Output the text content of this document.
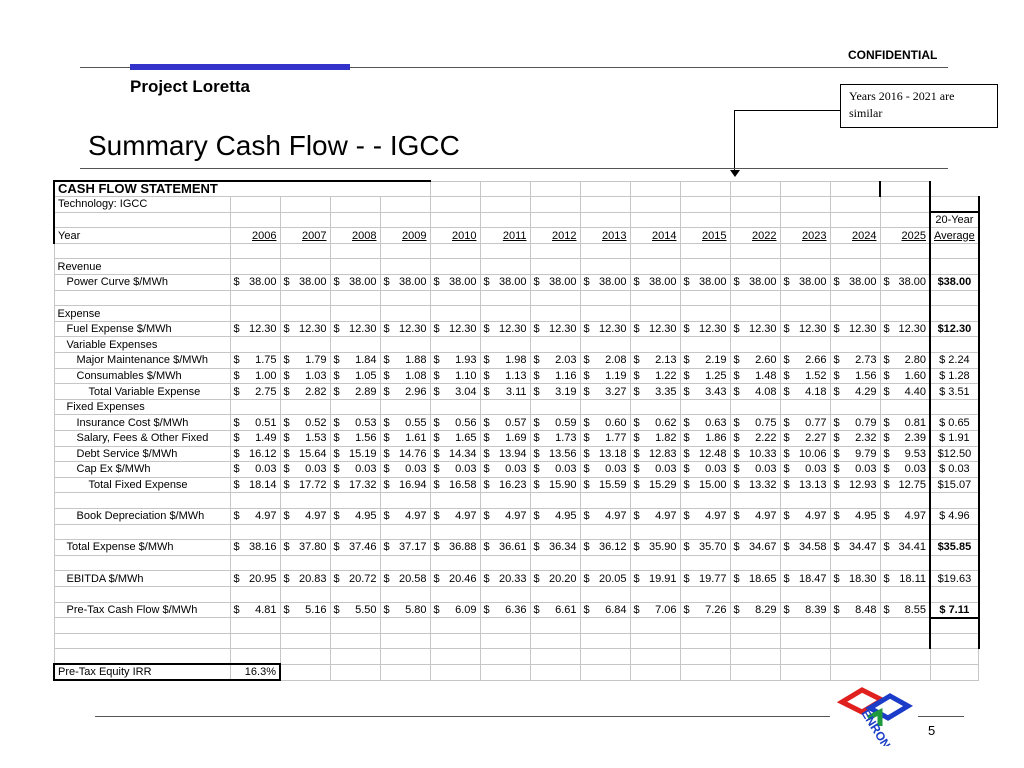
CONFIDENTIAL
Project Loretta	Years 2016 - 2021 are similar
Summary Cash Flow - - IGCC
CASH FLOW STATEMENT															
Technology: IGCC															
															20-Year
Year	2006	2007	2008	2009	2010	2011	2012	2013	2014	2015	2022	2023	2024	2025	Average

Revenue															
Power Curve $/MWh	$ 38.00	$ 38.00	$ 38.00	$ 38.00	$ 38.00	$ 38.00	$ 38.00	$ 38.00	$ 38.00	$ 38.00	$ 38.00	$ 38.00	$ 38.00	$ 38.00	$38.00

Expense															
Fuel Expense $/MWh	$ 12.30	$ 12.30	$ 12.30	$ 12.30	$ 12.30	$ 12.30	$ 12.30	$ 12.30	$ 12.30	$ 12.30	$ 12.30	$ 12.30	$ 12.30	$ 12.30	$12.30
Variable Expenses															
Major Maintenance $/MWh	$ 1.75	$ 1.79	$ 1.84	$ 1.88	$ 1.93	$ 1.98	$ 2.03	$ 2.08	$ 2.13	$ 2.19	$ 2.60	$ 2.66	$ 2.73	$ 2.80	$ 2.24
Consumables $/MWh	$ 1.00	$ 1.03	$ 1.05	$ 1.08	$ 1.10	$ 1.13	$ 1.16	$ 1.19	$ 1.22	$ 1.25	$ 1.48	$ 1.52	$ 1.56	$ 1.60	$ 1.28
Total Variable Expense	$ 2.75	$ 2.82	$ 2.89	$ 2.96	$ 3.04	$ 3.11	$ 3.19	$ 3.27	$ 3.35	$ 3.43	$ 4.08	$ 4.18	$ 4.29	$ 4.40	$ 3.51
Fixed Expenses															
Insurance Cost $/MWh	$ 0.51	$ 0.52	$ 0.53	$ 0.55	$ 0.56	$ 0.57	$ 0.59	$ 0.60	$ 0.62	$ 0.63	$ 0.75	$ 0.77	$ 0.79	$ 0.81	$ 0.65
Salary, Fees & Other Fixed	$ 1.49	$ 1.53	$ 1.56	$ 1.61	$ 1.65	$ 1.69	$ 1.73	$ 1.77	$ 1.82	$ 1.86	$ 2.22	$ 2.27	$ 2.32	$ 2.39	$ 1.91
Debt Service $/MWh	$ 16.12	$ 15.64	$ 15.19	$ 14.76	$ 14.34	$ 13.94	$ 13.56	$ 13.18	$ 12.83	$ 12.48	$ 10.33	$ 10.06	$ 9.79	$ 9.53	$12.50
Cap Ex $/MWh	$ 0.03	$ 0.03	$ 0.03	$ 0.03	$ 0.03	$ 0.03	$ 0.03	$ 0.03	$ 0.03	$ 0.03	$ 0.03	$ 0.03	$ 0.03	$ 0.03	$ 0.03
Total Fixed Expense	$ 18.14	$ 17.72	$ 17.32	$ 16.94	$ 16.58	$ 16.23	$ 15.90	$ 15.59	$ 15.29	$ 15.00	$ 13.32	$ 13.13	$ 12.93	$ 12.75	$15.07

Book Depreciation $/MWh	$ 4.97	$ 4.97	$ 4.95	$ 4.97	$ 4.97	$ 4.97	$ 4.95	$ 4.97	$ 4.97	$ 4.97	$ 4.97	$ 4.97	$ 4.95	$ 4.97	$ 4.96

Total Expense $/MWh	$ 38.16	$ 37.80	$ 37.46	$ 37.17	$ 36.88	$ 36.61	$ 36.34	$ 36.12	$ 35.90	$ 35.70	$ 34.67	$ 34.58	$ 34.47	$ 34.41	$35.85

EBITDA $/MWh	$ 20.95	$ 20.83	$ 20.72	$ 20.58	$ 20.46	$ 20.33	$ 20.20	$ 20.05	$ 19.91	$ 19.77	$ 18.65	$ 18.47	$ 18.30	$ 18.11	$19.63

Pre-Tax Cash Flow $/MWh	$ 4.81	$ 5.16	$ 5.50	$ 5.80	$ 6.09	$ 6.36	$ 6.61	$ 6.84	$ 7.06	$ 7.26	$ 8.29	$ 8.39	$ 8.48	$ 8.55	$ 7.11

Pre-Tax Equity IRR	16.3%														
ENRON	5
